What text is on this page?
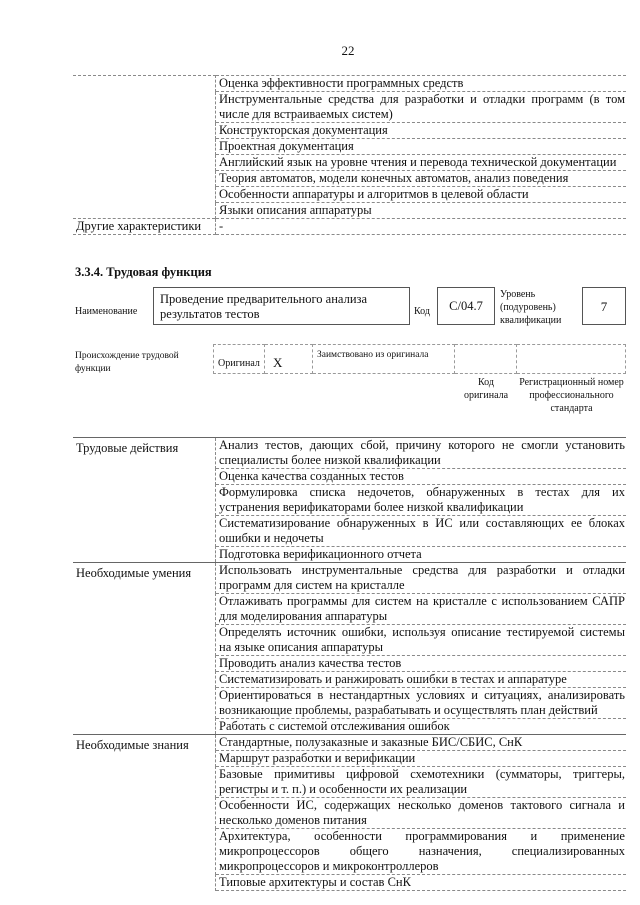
22
	Оценка эффективности программных средств
	Инструментальные средства для разработки и отладки программ (в том числе для встраиваемых систем)
	Конструкторская документация
	Проектная документация
	Английский язык на уровне чтения и перевода технической документации
	Теория автоматов, модели конечных автоматов, анализ поведения
	Особенности аппаратуры и алгоритмов в целевой области
	Языки описания аппаратуры
Другие характеристики	-
3.3.4. Трудовая функция
Наименование
Проведение предварительного анализа результатов тестов	Код	C/04.7
Уровень (подуровень) квалификации
7
Происхождение трудовой функции	Оригинал	X	Заимствовано из оригинала
Код оригинала
Регистрационный номер профессионального стандарта
Трудовые действия	Анализ тестов, дающих сбой, причину которого не смогли установить специалисты более низкой квалификации
	Оценка качества созданных тестов
	Формулировка списка недочетов, обнаруженных в тестах для их устранения верификаторами более низкой квалификации
	Систематизирование обнаруженных в ИС или составляющих ее блоках ошибки и недочеты
	Подготовка верификационного отчета
Необходимые умения	Использовать инструментальные средства для разработки и отладки программ для систем на кристалле
	Отлаживать программы для систем на кристалле с использованием САПР для моделирования аппаратуры
	Определять источник ошибки, используя описание тестируемой системы на языке описания аппаратуры
	Проводить анализ качества тестов
	Систематизировать и ранжировать ошибки в тестах и аппаратуре
	Ориентироваться в нестандартных условиях и ситуациях, анализировать возникающие проблемы, разрабатывать и осуществлять план действий
	Работать с системой отслеживания ошибок
Необходимые знания	Стандартные, полузаказные и заказные БИС/СБИС, СнК
	Маршрут разработки и верификации
	Базовые примитивы цифровой схемотехники (сумматоры, триггеры, регистры и т. п.) и особенности их реализации
	Особенности ИС, содержащих несколько доменов тактового сигнала и несколько доменов питания
	Архитектура, особенности программирования и применение микропроцессоров общего назначения, специализированных микропроцессоров и микроконтроллеров
	Типовые архитектуры и состав СнК
